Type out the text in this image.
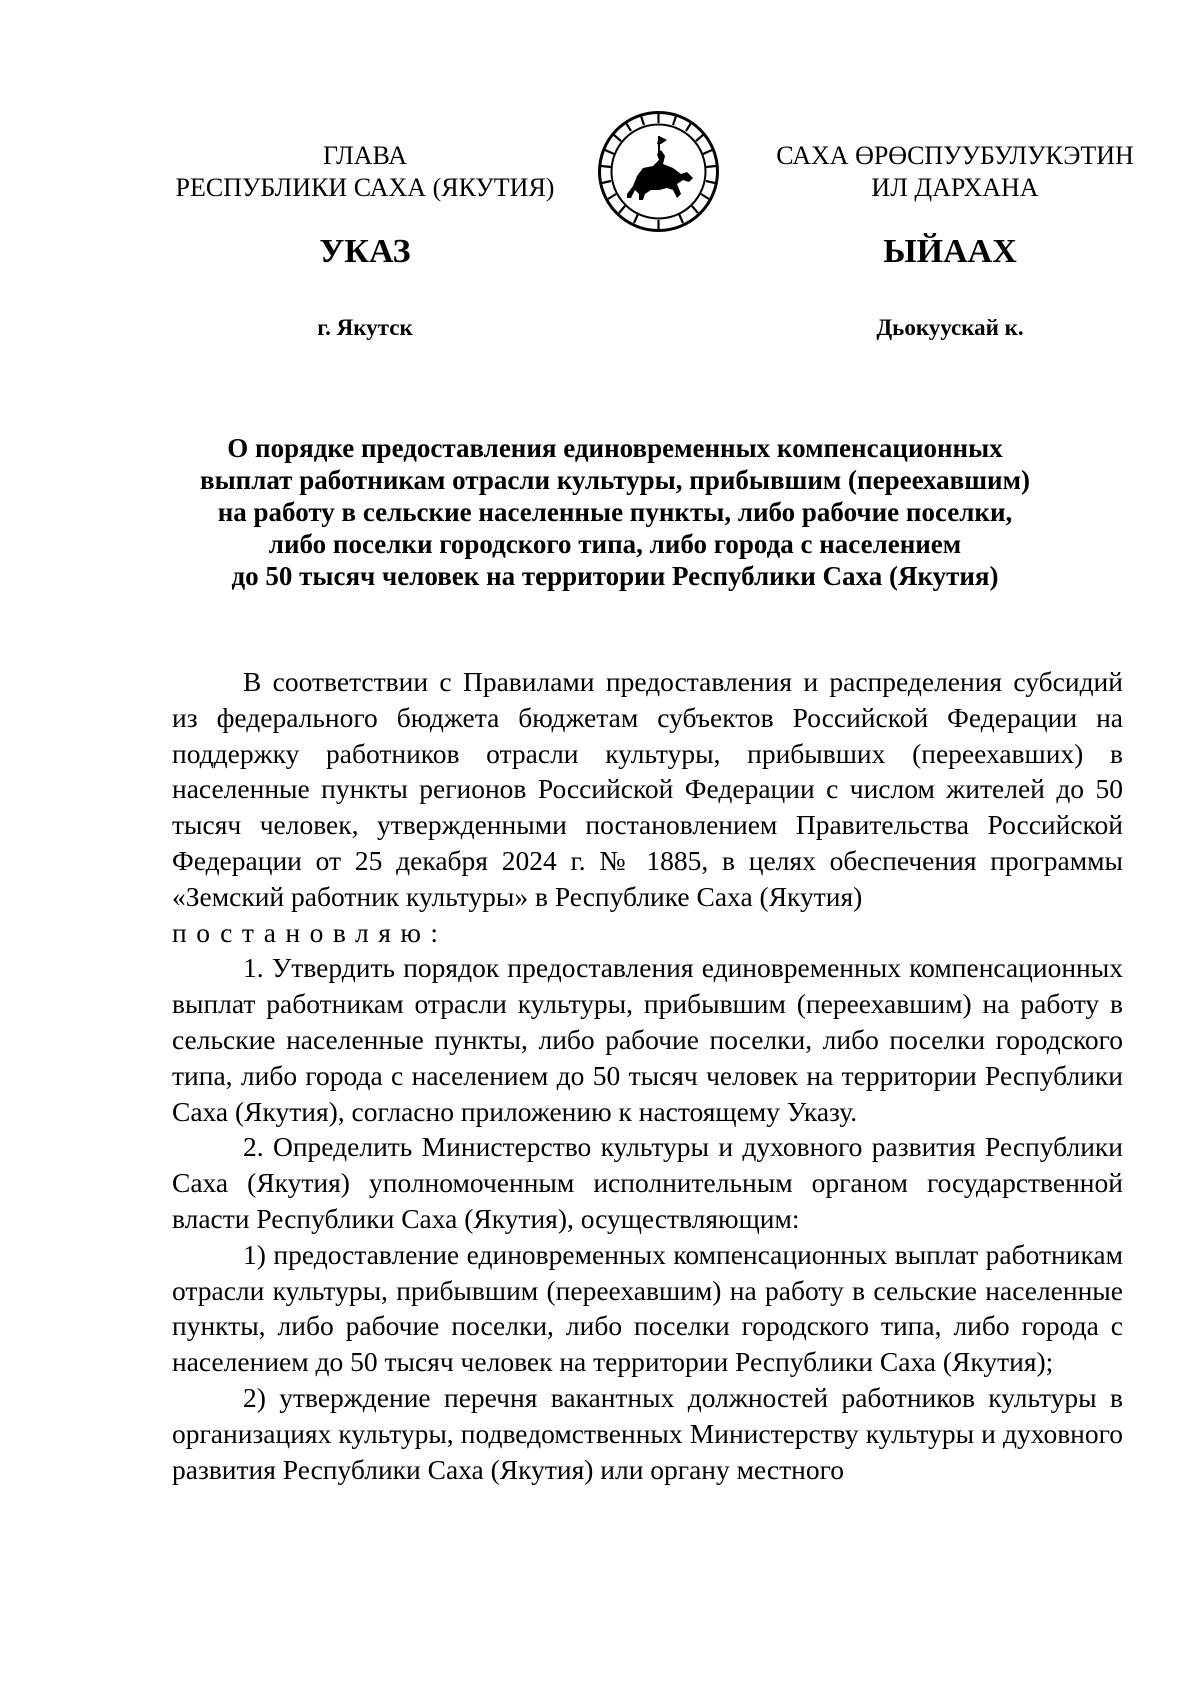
ГЛАВА
РЕСПУБЛИКИ САХА (ЯКУТИЯ)
САХА ӨРӨСПУУБУЛУКЭТИН
ИЛ ДАРХАНА
УКАЗ	ЫЙААХ
г. Якутск	Дьокуускай к.
О порядке предоставления единовременных компенсационных
выплат работникам отрасли культуры, прибывшим (переехавшим)
на работу в сельские населенные пункты, либо рабочие поселки,
либо поселки городского типа, либо города с населением
до 50 тысяч человек на территории Республики Саха (Якутия)

В соответствии с Правилами предоставления и распределения субсидий из федерального бюджета бюджетам субъектов Российской Федерации на поддержку работников отрасли культуры, прибывших (переехавших) в населенные пункты регионов Российской Федерации с числом жителей до 50 тысяч человек, утвержденными постановлением Правительства Российской Федерации от 25 декабря 2024 г. № 1885, в целях обеспечения программы «Земский работник культуры» в Республике Саха (Якутия)

постановляю:

1. Утвердить порядок предоставления единовременных компенсационных выплат работникам отрасли культуры, прибывшим (переехавшим) на работу в сельские населенные пункты, либо рабочие поселки, либо поселки городского типа, либо города с населением до 50 тысяч человек на территории Республики Саха (Якутия), согласно приложению к настоящему Указу.

2. Определить Министерство культуры и духовного развития Республики Саха (Якутия) уполномоченным исполнительным органом государственной власти Республики Саха (Якутия), осуществляющим:

1) предоставление единовременных компенсационных выплат работникам отрасли культуры, прибывшим (переехавшим) на работу в сельские населенные пункты, либо рабочие поселки, либо поселки городского типа, либо города с населением до 50 тысяч человек на территории Республики Саха (Якутия);

2) утверждение перечня вакантных должностей работников культуры в организациях культуры, подведомственных Министерству культуры и духовного развития Республики Саха (Якутия) или органу местного
